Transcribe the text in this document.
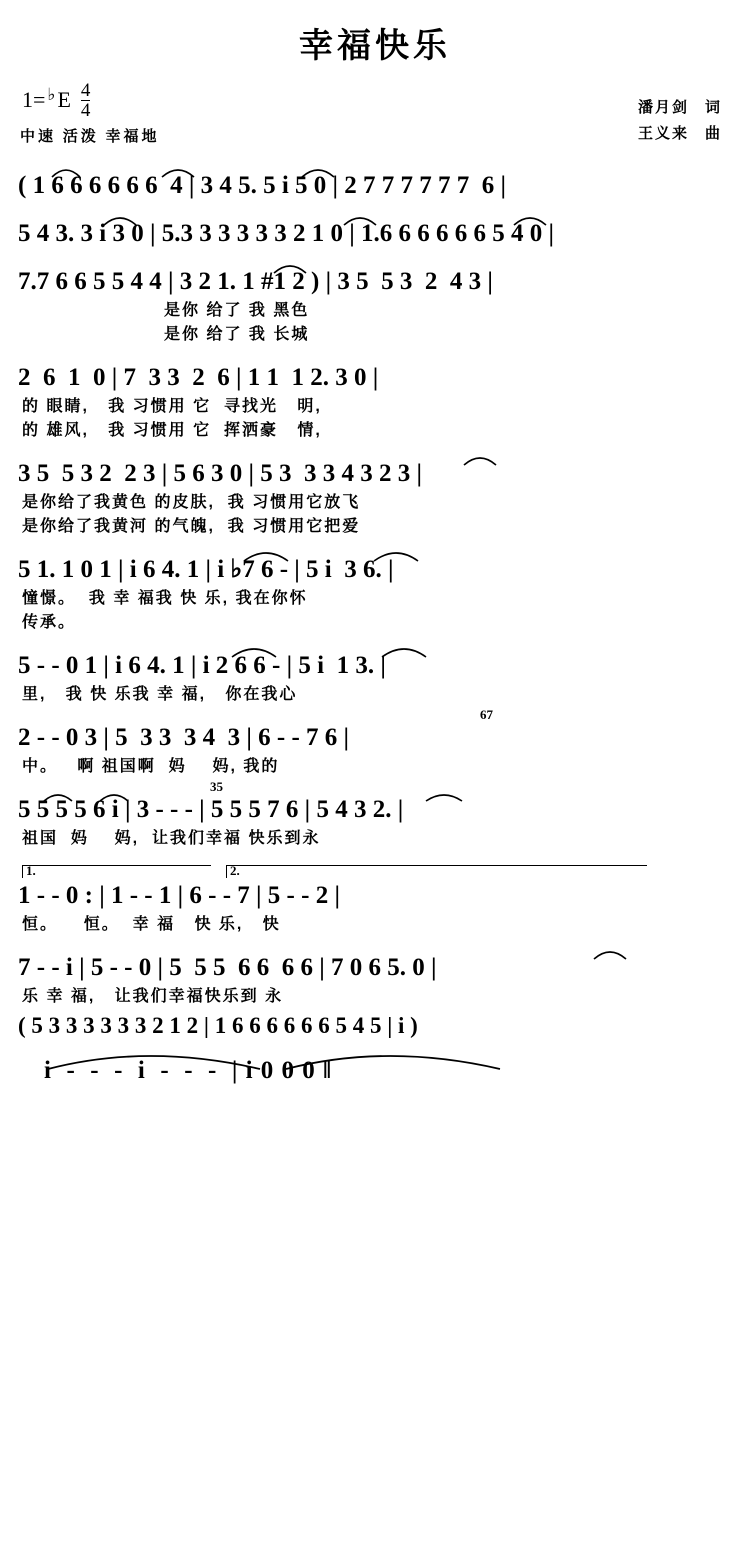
幸福快乐
1= ♭ E $\frac{4}{4}$
中速 活泼 幸福地
潘月剑 词
王义来 曲
( 1 6 6 6 6 6 6  4 | 3 4 5. 5 i 5 0 | 2 7 7 7 7 7 7  6 |
5 4 3. 3 i 3 0 | 5.3 3 3 3 3 3 2 1 0 | 1.6 6 6 6 6 6 5 4 0 |
7.7 6 6 5 5 4 4 | 3 2 1. 1 #1 2 ) | 3 5  5 3  2  4 3 |
是你 给了 我 黑色
是你 给了 我 长城
2  6  1  0 | 7  3 3  2  6 | 1 1  1 2. 3 0 |
的 眼睛,   我 习惯用 它  寻找光   明,
的 雄风,   我 习惯用 它  挥洒豪   情,
3 5  5 3 2  2 3 | 5 6 3 0 | 5 3  3 3 4 3 2 3 |
是你给了我黄色 的皮肤,  我 习惯用它放飞
是你给了我黄河 的气魄,  我 习惯用它把爱
5 1. 1 0 1 | i 6 4. 1 | i ♭7 6 - | 5 i  3 6. |
憧憬。  我 幸 福我 快 乐, 我在你怀
传承。
5 - - 0 1 | i 6 4. 1 | i 2 6 6 - | 5 i  1 3. |
里,   我 快 乐我 幸 福,   你在我心
67
2 - - 0 3 | 5  3 3  3 4  3 | 6 - - 7 6 |
中。   啊 祖国啊  妈    妈, 我的
35
5 5 5 5 6 i | 3 - - - | 5 5 5 7 6 | 5 4 3 2. |
祖国  妈    妈,  让我们幸福 快乐到永
1.	2.
1 - - 0 : | 1 - - 1 | 6 - - 7 | 5 - - 2 |
恒。    恒。  幸 福   快 乐,   快
7 - - i | 5 - - 0 | 5  5 5  6 6  6 6 | 7 0 6 5. 0 |
乐 幸 福,   让我们幸福快乐到 永
( 5 3 3 3 3 3 3 2 1 2 | 1 6 6 6 6 6 6 5 4 5 | i )
i  -  -  -  i  -  -  -  | i 0 0 0 ‖
